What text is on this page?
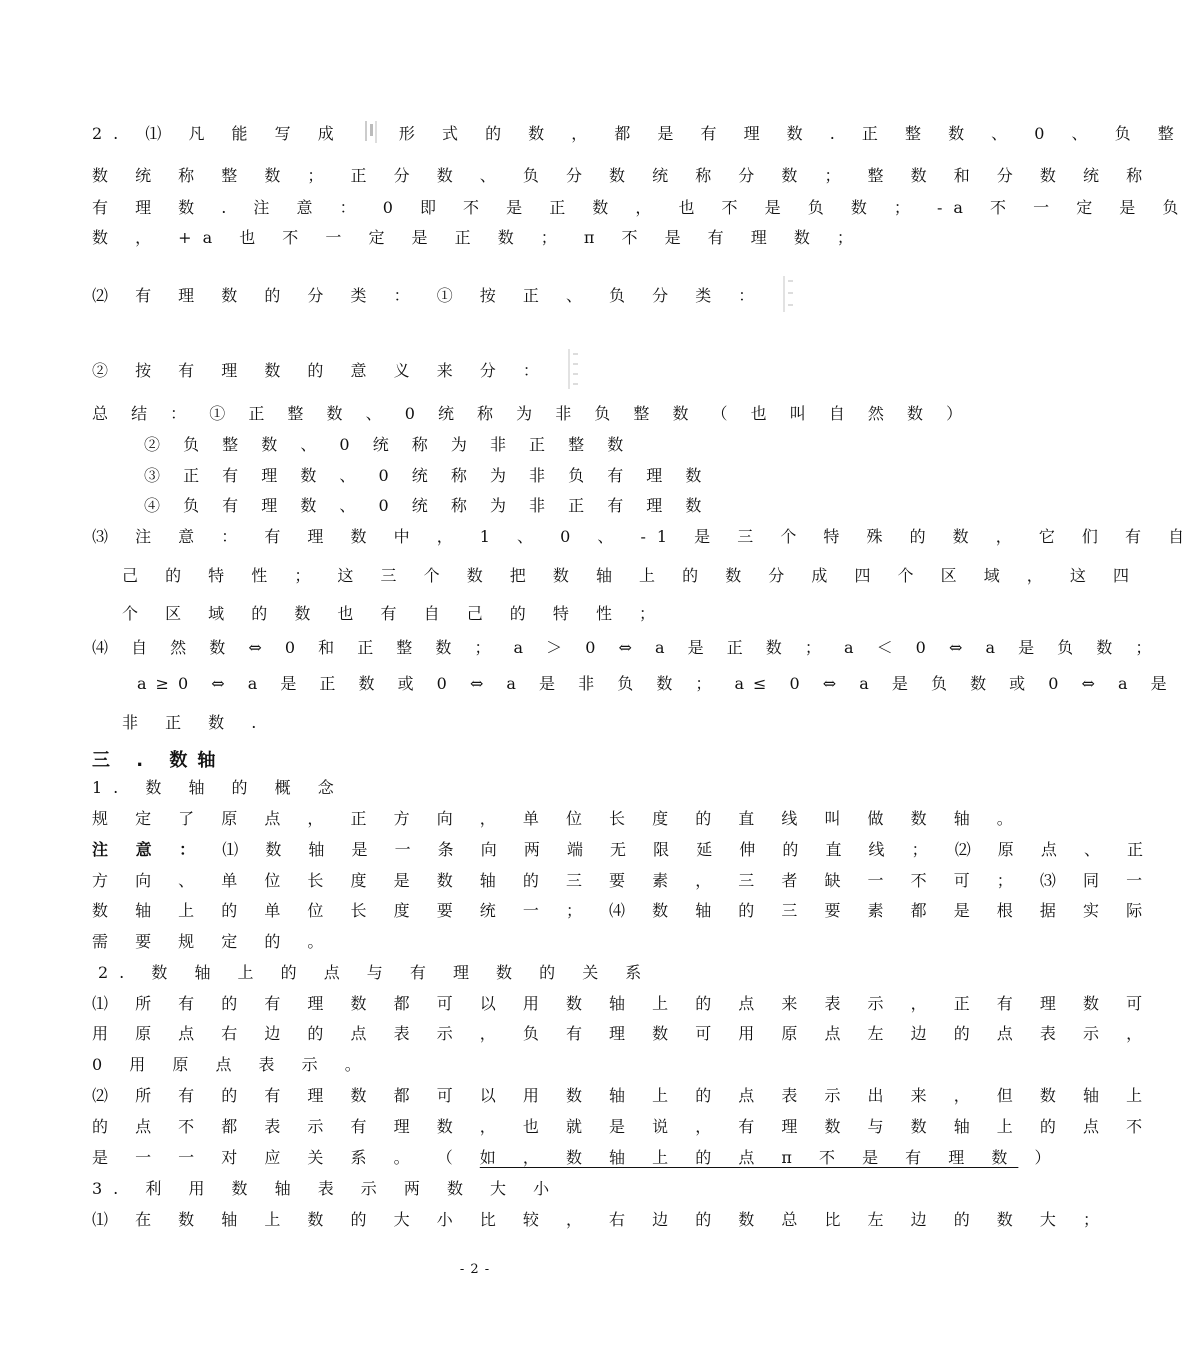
2. ⑴ 凡 能 写 成	形 式 的 数 ， 都 是 有 理 数 . 正 整 数 、 0 、 负 整
数 统 称 整 数 ； 正 分 数 、 负 分 数 统 称 分 数 ； 整 数 和 分 数 统 称
有 理 数 . 注 意 ： 0 即 不 是 正 数 ， 也 不 是 负 数 ； -a 不 一 定 是 负
数 ， +a 也 不 一 定 是 正 数 ； π 不 是 有 理 数 ；
⑵ 有 理 数 的 分 类 ： ① 按 正 、 负 分 类 ：
② 按 有 理 数 的 意 义 来 分 ：
总 结 ： ① 正 整 数 、 0 统 称 为 非 负 整 数 （ 也 叫 自 然 数 ）
② 负 整 数 、 0 统 称 为 非 正 整 数
③ 正 有 理 数 、 0 统 称 为 非 负 有 理 数
④ 负 有 理 数 、 0 统 称 为 非 正 有 理 数
⑶ 注 意 ： 有 理 数 中 ， 1 、 0 、 -1 是 三 个 特 殊 的 数 ， 它 们 有 自
己 的 特 性 ； 这 三 个 数 把 数 轴 上 的 数 分 成 四 个 区 域 ， 这 四
个 区 域 的 数 也 有 自 己 的 特 性 ；
⑷ 自 然 数 ⇔ 0 和 正 整 数 ； a ＞ 0 ⇔ a 是 正 数 ； a ＜ 0 ⇔ a 是 负 数 ；
a≥0 ⇔ a 是 正 数 或 0 ⇔ a 是 非 负 数 ； a≤ 0 ⇔ a 是 负 数 或 0 ⇔ a 是
非 正 数 .
三 . 数轴
1. 数 轴 的 概 念
规 定 了 原 点 ， 正 方 向 ， 单 位 长 度 的 直 线 叫 做 数 轴 。
注 意 ： ⑴ 数 轴 是 一 条 向 两 端 无 限 延 伸 的 直 线 ； ⑵ 原 点 、 正
方 向 、 单 位 长 度 是 数 轴 的 三 要 素 ， 三 者 缺 一 不 可 ； ⑶ 同 一
数 轴 上 的 单 位 长 度 要 统 一 ； ⑷ 数 轴 的 三 要 素 都 是 根 据 实 际
需 要 规 定 的 。
2. 数 轴 上 的 点 与 有 理 数 的 关 系
⑴ 所 有 的 有 理 数 都 可 以 用 数 轴 上 的 点 来 表 示 ， 正 有 理 数 可
用 原 点 右 边 的 点 表 示 ， 负 有 理 数 可 用 原 点 左 边 的 点 表 示 ，
0 用 原 点 表 示 。
⑵ 所 有 的 有 理 数 都 可 以 用 数 轴 上 的 点 表 示 出 来 ， 但 数 轴 上
的 点 不 都 表 示 有 理 数 ， 也 就 是 说 ， 有 理 数 与 数 轴 上 的 点 不
是 一 一 对 应 关 系 。 （ 如 ， 数 轴 上 的 点 π 不 是 有 理 数 ）
3. 利 用 数 轴 表 示 两 数 大 小
⑴ 在 数 轴 上 数 的 大 小 比 较 ， 右 边 的 数 总 比 左 边 的 数 大 ；
- 2 -
